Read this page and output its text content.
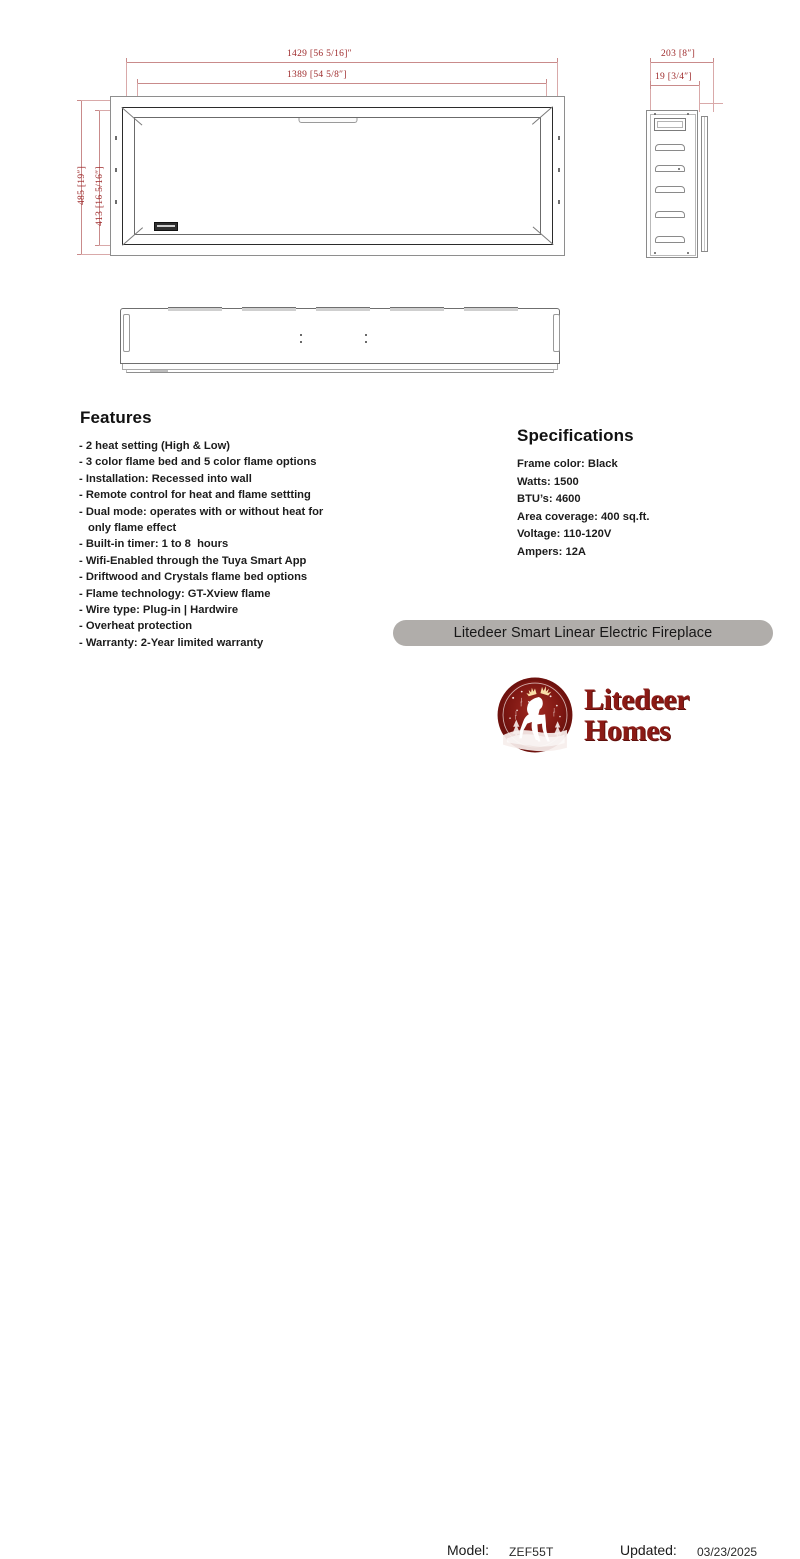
1429 [56 5/16]″
1389 [54 5/8″]
485 [19″] 413 [16 5/16″]
203 [8″]
19 [3/4″]
Features
- 2 heat setting (High & Low)
- 3 color flame bed and 5 color flame options
- Installation: Recessed into wall
- Remote control for heat and flame settting
- Dual mode: operates with or without heat for
only flame effect
- Built-in timer: 1 to 8  hours
- Wifi-Enabled through the Tuya Smart App
- Driftwood and Crystals flame bed options
- Flame technology: GT-Xview flame
- Wire type: Plug-in | Hardwire
- Overheat protection
- Warranty: 2-Year limited warranty
Specifications
Frame color: Black
Watts: 1500
BTU’s: 4600
Area coverage: 400 sq.ft.
Voltage: 110-120V
Ampers: 12A
Litedeer Smart Linear Electric Fireplace
Litedeer
Homes
Model: ZEF55T	Updated: 03/23/2025
